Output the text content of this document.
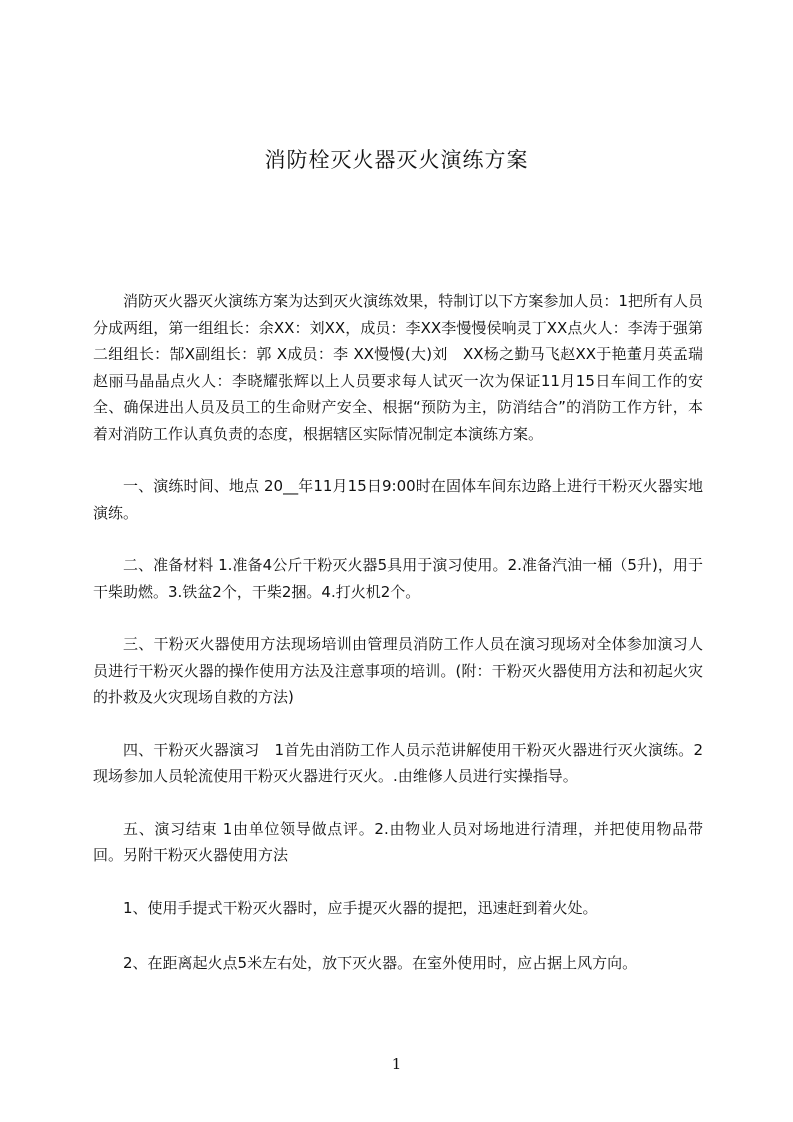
消防栓灭火器灭火演练方案

消防灭火器灭火演练方案为达到灭火演练效果，特制订以下方案参加人员：1把所有人员分成两组，第一组组长：余XX：刘XX，成员：李XX李慢慢侯响灵丁XX点火人：李涛于强第二组组长：郜X副组长：郭 X成员：李 XX慢慢(大)刘　XX杨之勤马飞赵XX于艳董月英孟瑞赵丽马晶晶点火人：李晓耀张辉以上人员要求每人试灭一次为保证11月15日车间工作的安全、确保进出人员及员工的生命财产安全、根据“预防为主，防消结合”的消防工作方针，本着对消防工作认真负责的态度，根据辖区实际情况制定本演练方案。

一、演练时间、地点 20__年11月15日9:00时在固体车间东边路上进行干粉灭火器实地演练。

二、准备材料 1.准备4公斤干粉灭火器5具用于演习使用。2.准备汽油一桶（5升)，用于干柴助燃。3.铁盆2个，干柴2捆。4.打火机2个。

三、干粉灭火器使用方法现场培训由管理员消防工作人员在演习现场对全体参加演习人员进行干粉灭火器的操作使用方法及注意事项的培训。(附：干粉灭火器使用方法和初起火灾的扑救及火灾现场自救的方法)

四、干粉灭火器演习　1首先由消防工作人员示范讲解使用干粉灭火器进行灭火演练。2现场参加人员轮流使用干粉灭火器进行灭火。.由维修人员进行实操指导。

五、演习结束 1由单位领导做点评。2.由物业人员对场地进行清理，并把使用物品带回。另附干粉灭火器使用方法

1、使用手提式干粉灭火器时，应手提灭火器的提把，迅速赶到着火处。

2、在距离起火点5米左右处，放下灭火器。在室外使用时，应占据上风方向。

1
